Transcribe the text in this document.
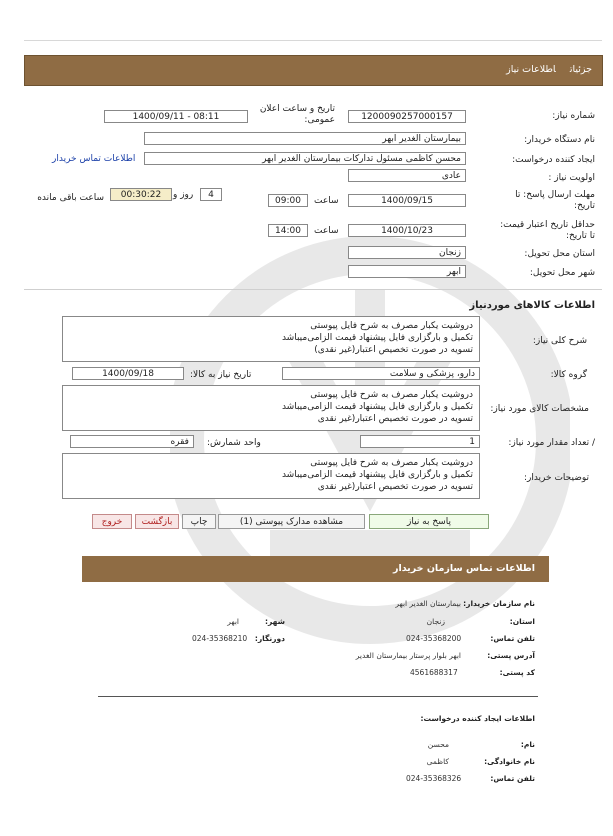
جزئیاتاطلاعات نیاز
شماره نیاز:
1200090257000157
تاریخ و ساعت اعلان عمومی:
1400/09/11 - 08:11
نام دستگاه خریدار:
بیمارستان الغدیر ابهر
ایجاد کننده درخواست:
محسن کاظمی مسئول تدارکات بیمارستان الغدیر ابهر
اطلاعات تماس خریدار
اولویت نیاز :
عادی
مهلت ارسال پاسخ: تا تاریخ:
1400/09/15
ساعت
09:00
4
روز و
00:30:22
ساعت باقی مانده
حداقل تاریخ اعتبار قیمت: تا تاریخ:
1400/10/23
ساعت
14:00
استان محل تحویل:
زنجان
شهر محل تحویل:
ابهر
اطلاعات کالاهای موردنیاز
شرح کلی نیاز:
دروشیت یکبار مصرف به شرح فایل پیوستی
تکمیل و بارگزاری فایل پیشنهاد قیمت الزامی‌میباشد
تسویه در صورت تخصیص اعتبار(غیر نقدی)
گروه کالا:
دارو، پزشکی و سلامت
تاریخ نیاز به کالا:
1400/09/18
مشخصات کالای مورد نیاز:
دروشیت یکبار مصرف به شرح فایل پیوستی
تکمیل و بارگزاری فایل پیشنهاد قیمت الزامی‌میباشد
تسویه در صورت تخصیص اعتبار(غیر نقدی
/ تعداد مقدار مورد نیاز:
1
واحد شمارش:
فقره
توضیحات خریدار:
دروشیت یکبار مصرف به شرح فایل پیوستی
تکمیل و بارگزاری فایل پیشنهاد قیمت الزامی‌میباشد
تسویه در صورت تخصیص اعتبار(غیر نقدی
پاسخ به نیاز
مشاهده مدارک پیوستی (1)
چاپ
بازگشت
خروج
اطلاعات تماس سازمان خریدار
نام سازمان خریدار:
بیمارستان الغدیر ابهر
استان:
زنجان
شهر:
ابهر
تلفن تماس:
024-35368200
دورنگار:
024-35368210
آدرس پستی:
ابهر بلوار پرستار بیمارستان الغدیر
کد پستی:
4561688317
اطلاعات ایجاد کننده درخواست:
نام:
محسن
نام خانوادگی:
کاظمی
تلفن تماس:
024-35368326
